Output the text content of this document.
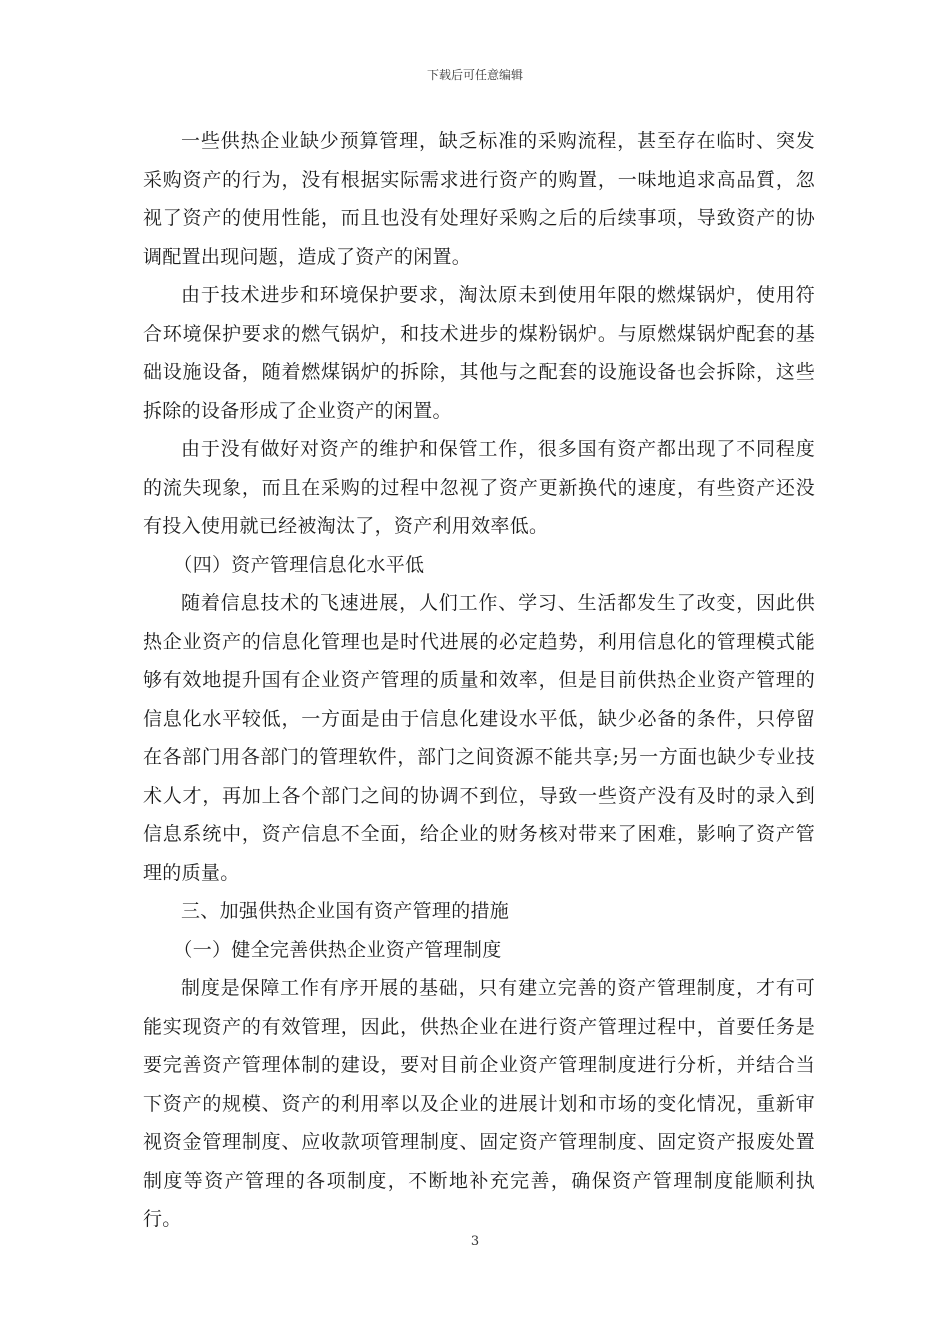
下载后可任意编辑

一些供热企业缺少预算管理，缺乏标准的采购流程，甚至存在临时、突发采购资产的行为，没有根据实际需求进行资产的购置，一味地追求高品質，忽视了资产的使用性能，而且也没有处理好采购之后的后续事项，导致资产的协调配置出现问题，造成了资产的闲置。

由于技术进步和环境保护要求，淘汰原未到使用年限的燃煤锅炉，使用符合环境保护要求的燃气锅炉，和技术进步的煤粉锅炉。与原燃煤锅炉配套的基础设施设备，随着燃煤锅炉的拆除，其他与之配套的设施设备也会拆除，这些拆除的设备形成了企业资产的闲置。

由于没有做好对资产的维护和保管工作，很多国有资产都出现了不同程度的流失现象，而且在采购的过程中忽视了资产更新换代的速度，有些资产还没有投入使用就已经被淘汰了，资产利用效率低。

（四）资产管理信息化水平低

随着信息技术的飞速进展，人们工作、学习、生活都发生了改变，因此供热企业资产的信息化管理也是时代进展的必定趋势，利用信息化的管理模式能够有效地提升国有企业资产管理的质量和效率，但是目前供热企业资产管理的信息化水平较低，一方面是由于信息化建设水平低，缺少必备的条件，只停留在各部门用各部门的管理软件，部门之间资源不能共享;另一方面也缺少专业技术人才，再加上各个部门之间的协调不到位，导致一些资产没有及时的录入到信息系统中，资产信息不全面，给企业的财务核对带来了困难，影响了资产管理的质量。

三、加强供热企业国有资产管理的措施

（一）健全完善供热企业资产管理制度

制度是保障工作有序开展的基础，只有建立完善的资产管理制度，才有可能实现资产的有效管理，因此，供热企业在进行资产管理过程中，首要任务是要完善资产管理体制的建设，要对目前企业资产管理制度进行分析，并结合当下资产的规模、资产的利用率以及企业的进展计划和市场的变化情况，重新审视资金管理制度、应收款项管理制度、固定资产管理制度、固定资产报废处置制度等资产管理的各项制度，不断地补充完善，确保资产管理制度能顺利执行。

3
